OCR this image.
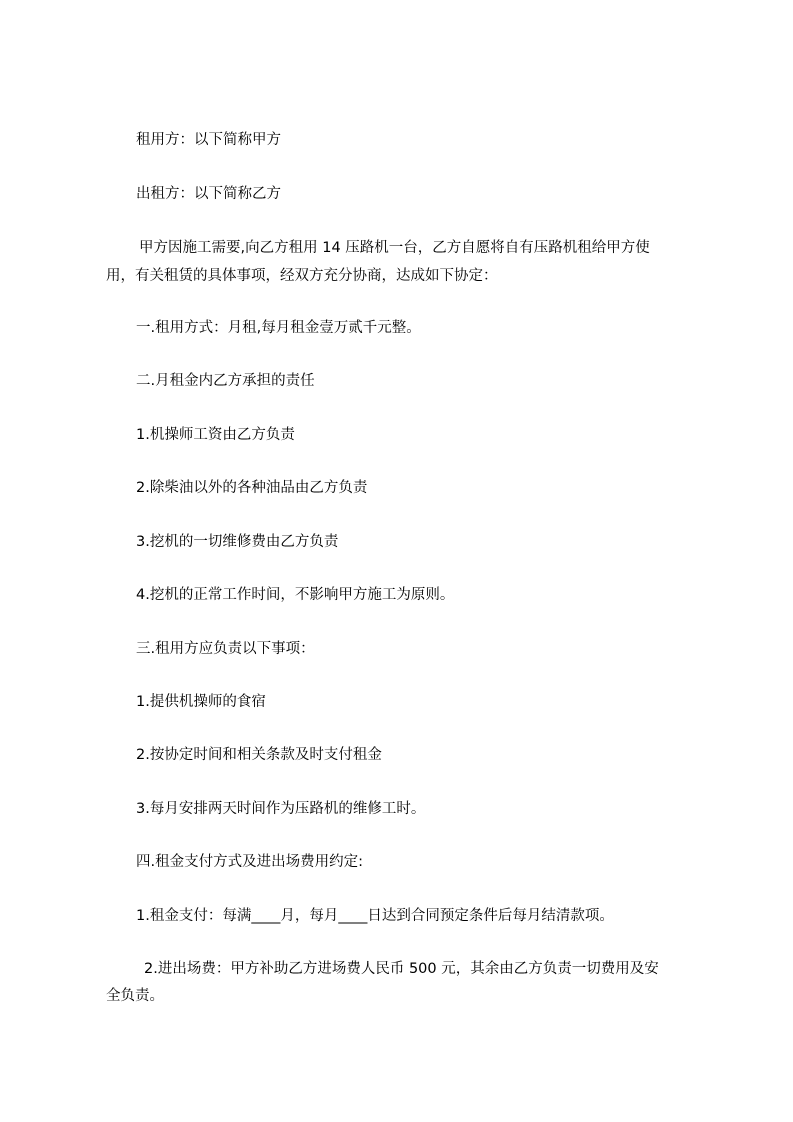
租用方：以下简称甲方

出租方：以下简称乙方

甲方因施工需要,向乙方租用 14 压路机一台，乙方自愿将自有压路机租给甲方使

用，有关租赁的具体事项，经双方充分协商，达成如下协定：

一.租用方式：月租,每月租金壹万贰千元整。

二.月租金内乙方承担的责任

1.机操师工资由乙方负责

2.除柴油以外的各种油品由乙方负责

3.挖机的一切维修费由乙方负责

4.挖机的正常工作时间，不影响甲方施工为原则。

三.租用方应负责以下事项：

1.提供机操师的食宿

2.按协定时间和相关条款及时支付租金

3.每月安排两天时间作为压路机的维修工时。

四.租金支付方式及进出场费用约定:

1.租金支付：每满____月，每月____日达到合同预定条件后每月结清款项。

2.进出场费：甲方补助乙方进场费人民币 500 元，其余由乙方负责一切费用及安

全负责。
